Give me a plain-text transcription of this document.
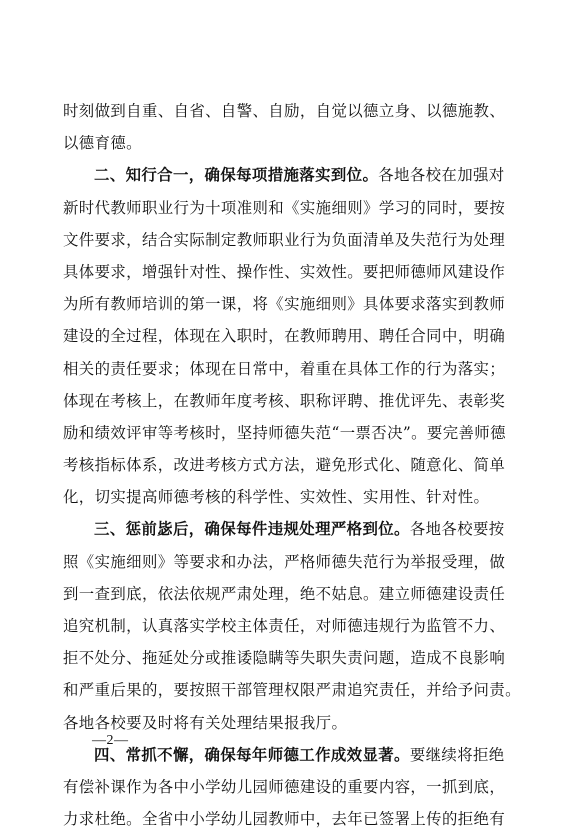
时刻做到自重、自省、自警、自励，自觉以德立身、以德施教、
以德育德。
二、知行合一，确保每项措施落实到位。各地各校在加强对
新时代教师职业行为十项准则和《实施细则》学习的同时，要按
文件要求，结合实际制定教师职业行为负面清单及失范行为处理
具体要求，增强针对性、操作性、实效性。要把师德师风建设作
为所有教师培训的第一课，将《实施细则》具体要求落实到教师
建设的全过程，体现在入职时，在教师聘用、聘任合同中，明确
相关的责任要求；体现在日常中，着重在具体工作的行为落实；
体现在考核上，在教师年度考核、职称评聘、推优评先、表彰奖
励和绩效评审等考核时，坚持师德失范“一票否决”。要完善师德
考核指标体系，改进考核方式方法，避免形式化、随意化、简单
化，切实提高师德考核的科学性、实效性、实用性、针对性。
三、惩前毖后，确保每件违规处理严格到位。各地各校要按
照《实施细则》等要求和办法，严格师德失范行为举报受理，做
到一查到底，依法依规严肃处理，绝不姑息。建立师德建设责任
追究机制，认真落实学校主体责任，对师德违规行为监管不力、
拒不处分、拖延处分或推诿隐瞒等失职失责问题，造成不良影响
和严重后果的，要按照干部管理权限严肃追究责任，并给予问责。
各地各校要及时将有关处理结果报我厅。
四、常抓不懈，确保每年师德工作成效显著。要继续将拒绝
有偿补课作为各中小学幼儿园师德建设的重要内容，一抓到底，
力求杜绝。全省中小学幼儿园教师中，去年已签署上传的拒绝有
—2—
